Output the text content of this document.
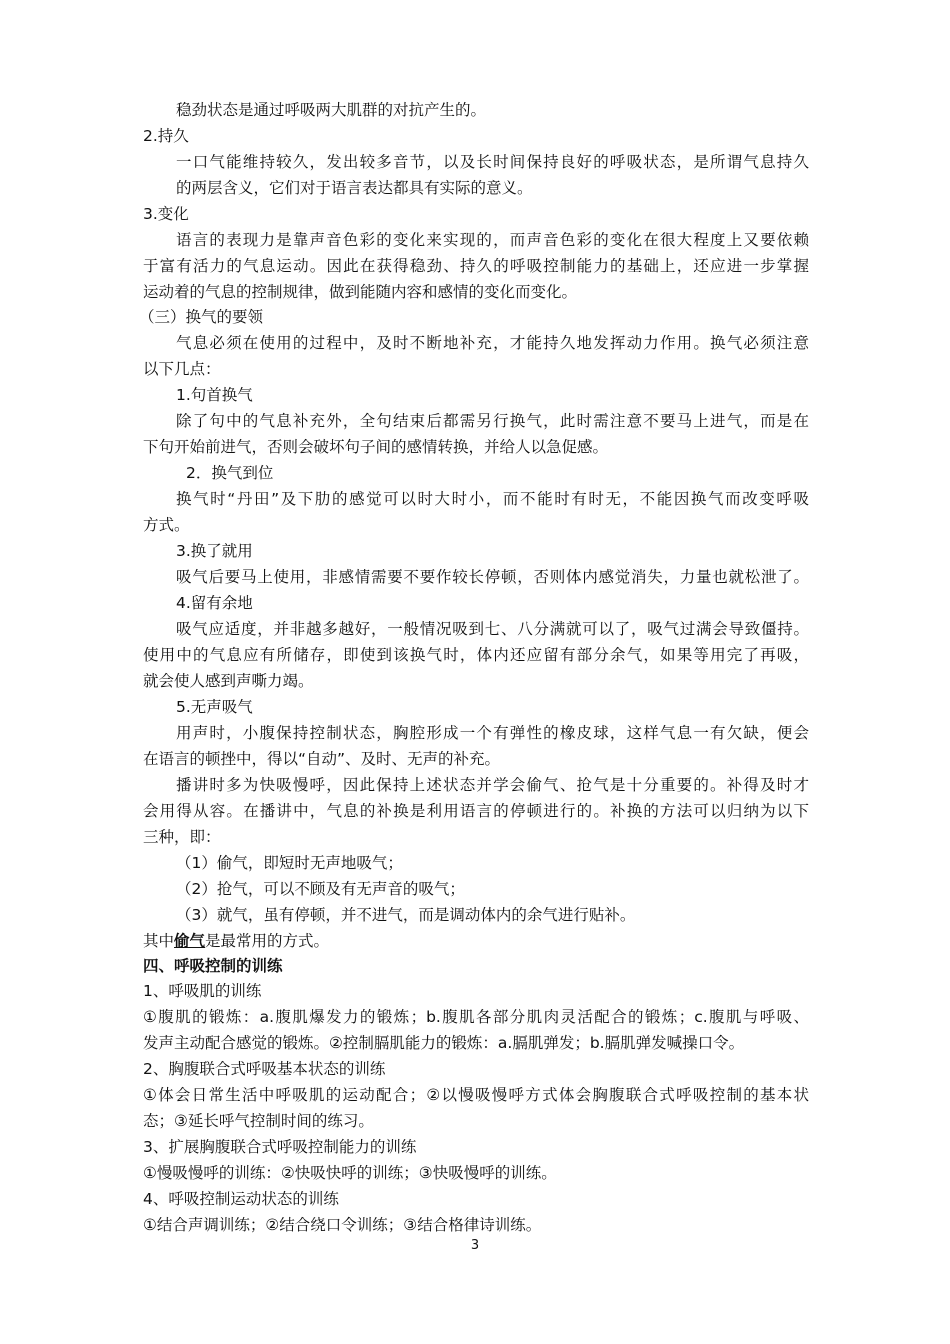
稳劲状态是通过呼吸两大肌群的对抗产生的。
2.持久
一口气能维持较久，发出较多音节，以及长时间保持良好的呼吸状态，是所谓气息持久
的两层含义，它们对于语言表达都具有实际的意义。
3.变化
语言的表现力是靠声音色彩的变化来实现的，而声音色彩的变化在很大程度上又要依赖
于富有活力的气息运动。因此在获得稳劲、持久的呼吸控制能力的基础上，还应进一步掌握
运动着的气息的控制规律，做到能随内容和感情的变化而变化。
（三）换气的要领
气息必须在使用的过程中，及时不断地补充，才能持久地发挥动力作用。换气必须注意
以下几点：
1.句首换气
除了句中的气息补充外，全句结束后都需另行换气，此时需注意不要马上进气，而是在
下句开始前进气，否则会破坏句子间的感情转换，并给人以急促感。
2．换气到位
换气时“丹田”及下肋的感觉可以时大时小，而不能时有时无，不能因换气而改变呼吸
方式。
3.换了就用
吸气后要马上使用，非感情需要不要作较长停顿，否则体内感觉消失，力量也就松泄了。
4.留有余地
吸气应适度，并非越多越好，一般情况吸到七、八分满就可以了，吸气过满会导致僵持。
使用中的气息应有所储存，即使到该换气时，体内还应留有部分余气，如果等用完了再吸，
就会使人感到声嘶力竭。
5.无声吸气
用声时，小腹保持控制状态，胸腔形成一个有弹性的橡皮球，这样气息一有欠缺，便会
在语言的顿挫中，得以“自动”、及时、无声的补充。
播讲时多为快吸慢呼，因此保持上述状态并学会偷气、抢气是十分重要的。补得及时才
会用得从容。在播讲中，气息的补换是利用语言的停顿进行的。补换的方法可以归纳为以下
三种，即：
（1）偷气，即短时无声地吸气；
（2）抢气，可以不顾及有无声音的吸气；
（3）就气，虽有停顿，并不进气，而是调动体内的余气进行贴补。
其中偷气是最常用的方式。
四、呼吸控制的训练
1、呼吸肌的训练
①腹肌的锻炼：a.腹肌爆发力的锻炼；b.腹肌各部分肌肉灵活配合的锻炼；c.腹肌与呼吸、
发声主动配合感觉的锻炼。②控制膈肌能力的锻炼：a.膈肌弹发；b.膈肌弹发喊操口令。
2、胸腹联合式呼吸基本状态的训练
①体会日常生活中呼吸肌的运动配合；②以慢吸慢呼方式体会胸腹联合式呼吸控制的基本状
态；③延长呼气控制时间的练习。
3、扩展胸腹联合式呼吸控制能力的训练
①慢吸慢呼的训练：②快吸快呼的训练；③快吸慢呼的训练。
4、呼吸控制运动状态的训练
①结合声调训练；②结合绕口令训练；③结合格律诗训练。
3
